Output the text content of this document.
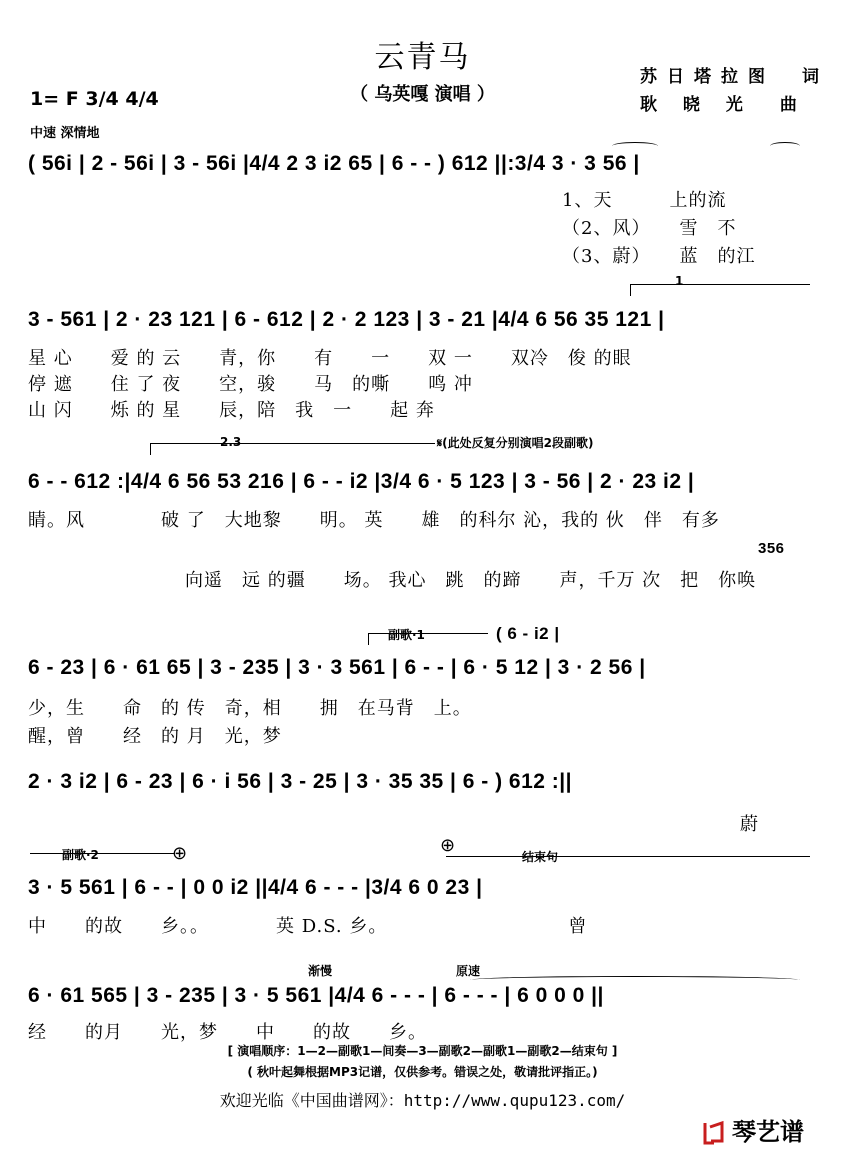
云青马
（ 乌英嘎 演唱 ）
苏日塔拉图　词
耿 晓 光　曲
1= F 3/4 4/4
中速 深情地
( 56i | 2 - 56i | 3 - 56i |4/4 2 3 i2 65 | 6 - - ) 612 ||:3/4 3 · 3 56 |
1、天　　　上的流
（2、风）　　雪　不
（3、蔚）　　蓝　的江
1
3 - 561 | 2 · 23 121 | 6 - 612 | 2 · 2 123 | 3 - 21 |4/4 6 56 35 121 |
星 心　　爱 的 云　　青，你　　有　　一　　双 一　　双冷　俊 的眼
停 遮　　住 了 夜　　空，骏　　马　的嘶　　鸣 冲
山 闪　　烁 的 星　　辰，陪　我　一　　起 奔
2.3	𝄋(此处反复分别演唱2段副歌)
6 - - 612 :|4/4 6 56 53 216 | 6 - - i2 |3/4 6 · 5 123 | 3 - 56 | 2 · 23 i2 |
睛。风　　　　破 了　大地黎　　明。 英　　雄　的科尔 沁，我的 伙　伴　有多
356
向遥　远 的疆　　场。 我心　跳　的蹄　　声，千万 次　把　你唤
副歌·1	( 6 - i2 |
6 - 23 | 6 · 61 65 | 3 - 235 | 3 · 3 561 | 6 - - | 6 · 5 12 | 3 · 2 56 |
少，生　　命　的 传　奇，相　　拥　在马背　上。
醒，曾　　经　的 月　光，梦
2 · 3 i2 | 6 - 23 | 6 · i 56 | 3 - 25 | 3 · 35 35 | 6 - ) 612 :||
蔚
副歌·2	⊕	⊕
结束句
3 · 5 561 | 6 - - | 0 0 i2 ||4/4 6 - - - |3/4 6 0 23 |
中　　的故　　乡。。　　　　英 D.S. 乡。　　　　　　　　　　曾
渐慢	原速
6 · 61 565 | 3 - 235 | 3 · 5 561 |4/4 6 - - - | 6 - - - | 6 0 0 0 ||
经　　的月　　光，梦　　中　　的故　　乡。
[ 演唱顺序：1—2—副歌1—间奏—3—副歌2—副歌1—副歌2—结束句 ]
( 秋叶起舞根据MP3记谱，仅供参考。错误之处，敬请批评指正。)
欢迎光临《中国曲谱网》：http://www.qupu123.com/
琴艺谱
